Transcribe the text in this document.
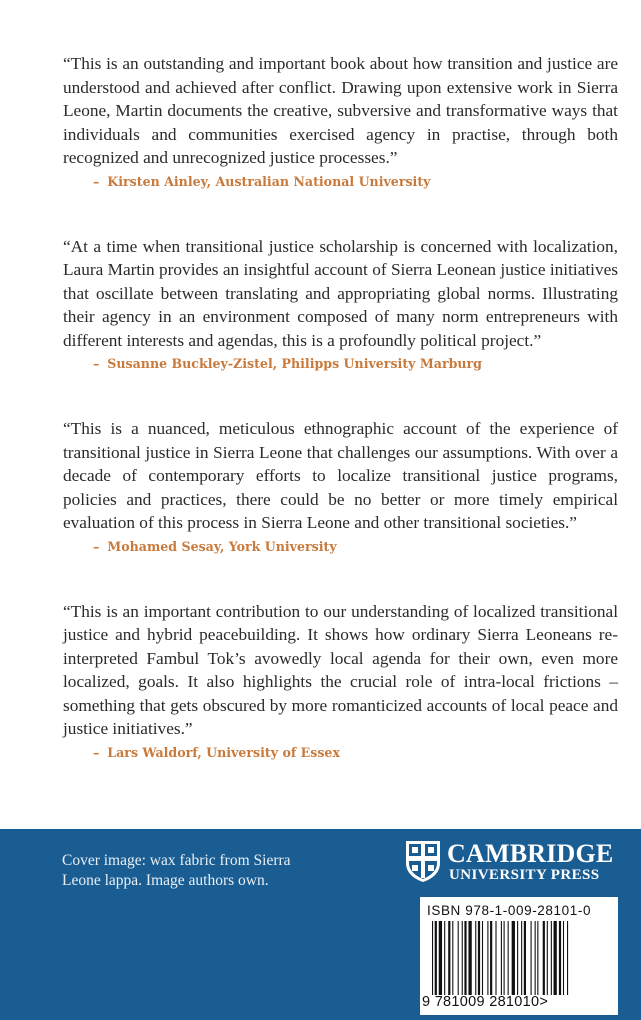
“This is an outstanding and important book about how transition and justice are understood and achieved after conflict. Drawing upon extensive work in Sierra Leone, Martin documents the creative, subversive and transformative ways that individuals and communities exercised agency in practise, through both recognized and unrecognized justice processes.”

– Kirsten Ainley, Australian National University

“At a time when transitional justice scholarship is concerned with localization, Laura Martin provides an insightful account of Sierra Leonean justice initiatives that oscillate between translating and appropriating global norms. Illustrating their agency in an environment composed of many norm entrepreneurs with different interests and agendas, this is a profoundly political project.”

– Susanne Buckley-Zistel, Philipps University Marburg

“This is a nuanced, meticulous ethnographic account of the experience of transitional justice in Sierra Leone that challenges our assumptions. With over a decade of contemporary efforts to localize transitional justice programs, policies and practices, there could be no better or more timely empirical evaluation of this process in Sierra Leone and other transitional societies.”

– Mohamed Sesay, York University

“This is an important contribution to our understanding of localized transitional justice and hybrid peacebuilding. It shows how ordinary Sierra Leoneans re-interpreted Fambul Tok’s avowedly local agenda for their own, even more localized, goals. It also highlights the crucial role of intra-local frictions – something that gets obscured by more romanticized accounts of local peace and justice initiatives.”

– Lars Waldorf, University of Essex

Cover image: wax fabric from Sierra Leone lappa. Image authors own.

CAMBRIDGE
UNIVERSITY PRESS
ISBN 978-1-009-28101-0
9 781009 281010>
